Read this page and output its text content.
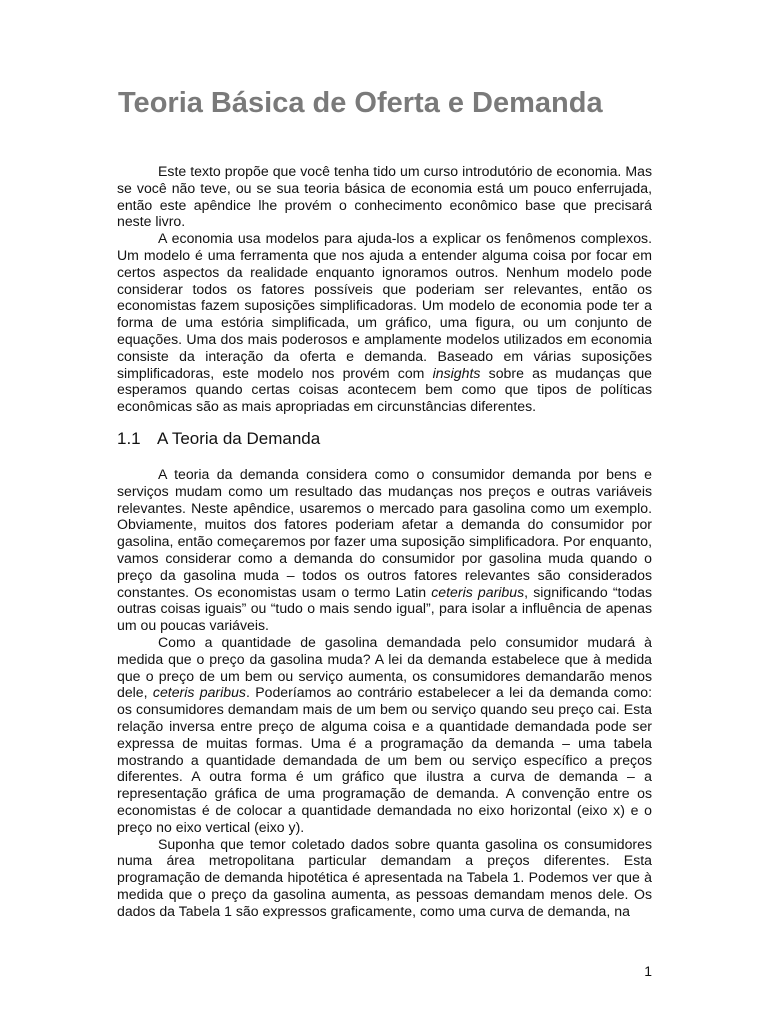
Teoria Básica de Oferta e Demanda

Este texto propõe que você tenha tido um curso introdutório de economia. Mas se você não teve, ou se sua teoria básica de economia está um pouco enferrujada, então este apêndice lhe provém o conhecimento econômico base que precisará neste livro.

A economia usa modelos para ajuda-los a explicar os fenômenos complexos. Um modelo é uma ferramenta que nos ajuda a entender alguma coisa por focar em certos aspectos da realidade enquanto ignoramos outros. Nenhum modelo pode considerar todos os fatores possíveis que poderiam ser relevantes, então os economistas fazem suposições simplificadoras. Um modelo de economia pode ter a forma de uma estória simplificada, um gráfico, uma figura, ou um conjunto de equações. Uma dos mais poderosos e amplamente modelos utilizados em economia consiste da interação da oferta e demanda. Baseado em várias suposições simplificadoras, este modelo nos provém com insights sobre as mudanças que esperamos quando certas coisas acontecem bem como que tipos de políticas econômicas são as mais apropriadas em circunstâncias diferentes.

1.1 A Teoria da Demanda

A teoria da demanda considera como o consumidor demanda por bens e serviços mudam como um resultado das mudanças nos preços e outras variáveis relevantes. Neste apêndice, usaremos o mercado para gasolina como um exemplo. Obviamente, muitos dos fatores poderiam afetar a demanda do consumidor por gasolina, então começaremos por fazer uma suposição simplificadora. Por enquanto, vamos considerar como a demanda do consumidor por gasolina muda quando o preço da gasolina muda – todos os outros fatores relevantes são considerados constantes. Os economistas usam o termo Latin ceteris paribus, significando “todas outras coisas iguais” ou “tudo o mais sendo igual”, para isolar a influência de apenas um ou poucas variáveis.

Como a quantidade de gasolina demandada pelo consumidor mudará à medida que o preço da gasolina muda? A lei da demanda estabelece que à medida que o preço de um bem ou serviço aumenta, os consumidores demandarão menos dele, ceteris paribus. Poderíamos ao contrário estabelecer a lei da demanda como: os consumidores demandam mais de um bem ou serviço quando seu preço cai. Esta relação inversa entre preço de alguma coisa e a quantidade demandada pode ser expressa de muitas formas. Uma é a programação da demanda – uma tabela mostrando a quantidade demandada de um bem ou serviço específico a preços diferentes. A outra forma é um gráfico que ilustra a curva de demanda – a representação gráfica de uma programação de demanda. A convenção entre os economistas é de colocar a quantidade demandada no eixo horizontal (eixo x) e o preço no eixo vertical (eixo y).

Suponha que temor coletado dados sobre quanta gasolina os consumidores numa área metropolitana particular demandam a preços diferentes. Esta programação de demanda hipotética é apresentada na Tabela 1. Podemos ver que à medida que o preço da gasolina aumenta, as pessoas demandam menos dele. Os dados da Tabela 1 são expressos graficamente, como uma curva de demanda, na

1
